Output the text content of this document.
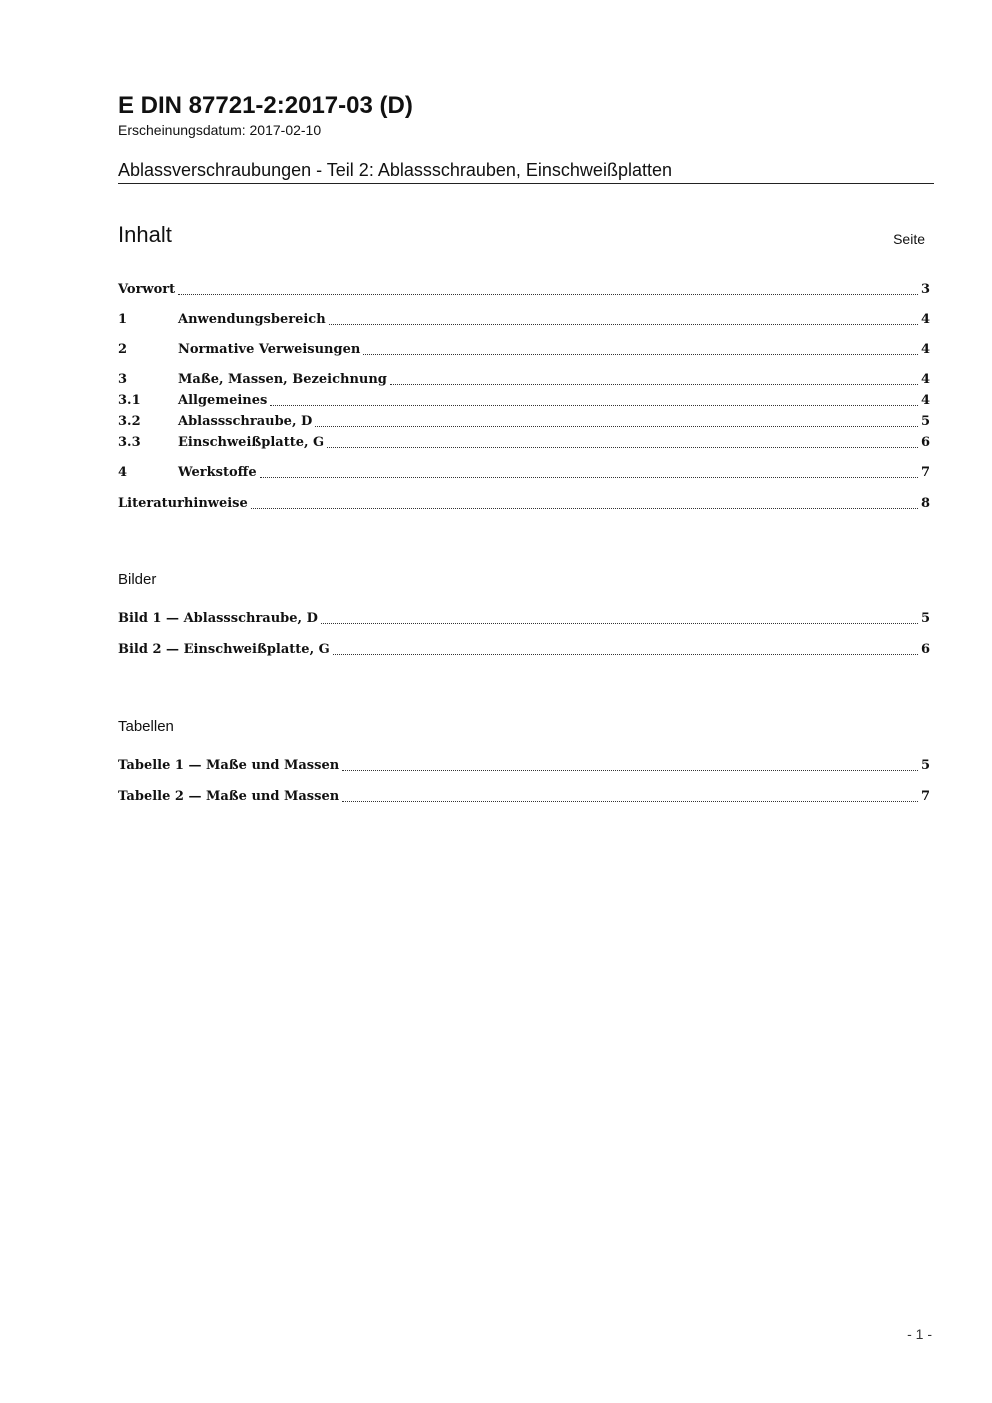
E DIN 87721-2:2017-03 (D)
Erscheinungsdatum: 2017-02-10
Ablassverschraubungen - Teil 2: Ablassschrauben, Einschweißplatten
Inhalt	Seite
Vorwort	3
1	Anwendungsbereich	4
2	Normative Verweisungen	4
3	Maße, Massen, Bezeichnung	4
3.1	Allgemeines	4
3.2	Ablassschraube, D	5
3.3	Einschweißplatte, G	6
4	Werkstoffe	7
Literaturhinweise	8
Bilder
Bild 1 — Ablassschraube, D	5
Bild 2 — Einschweißplatte, G	6
Tabellen
Tabelle 1 — Maße und Massen	5
Tabelle 2 — Maße und Massen	7
- 1 -
